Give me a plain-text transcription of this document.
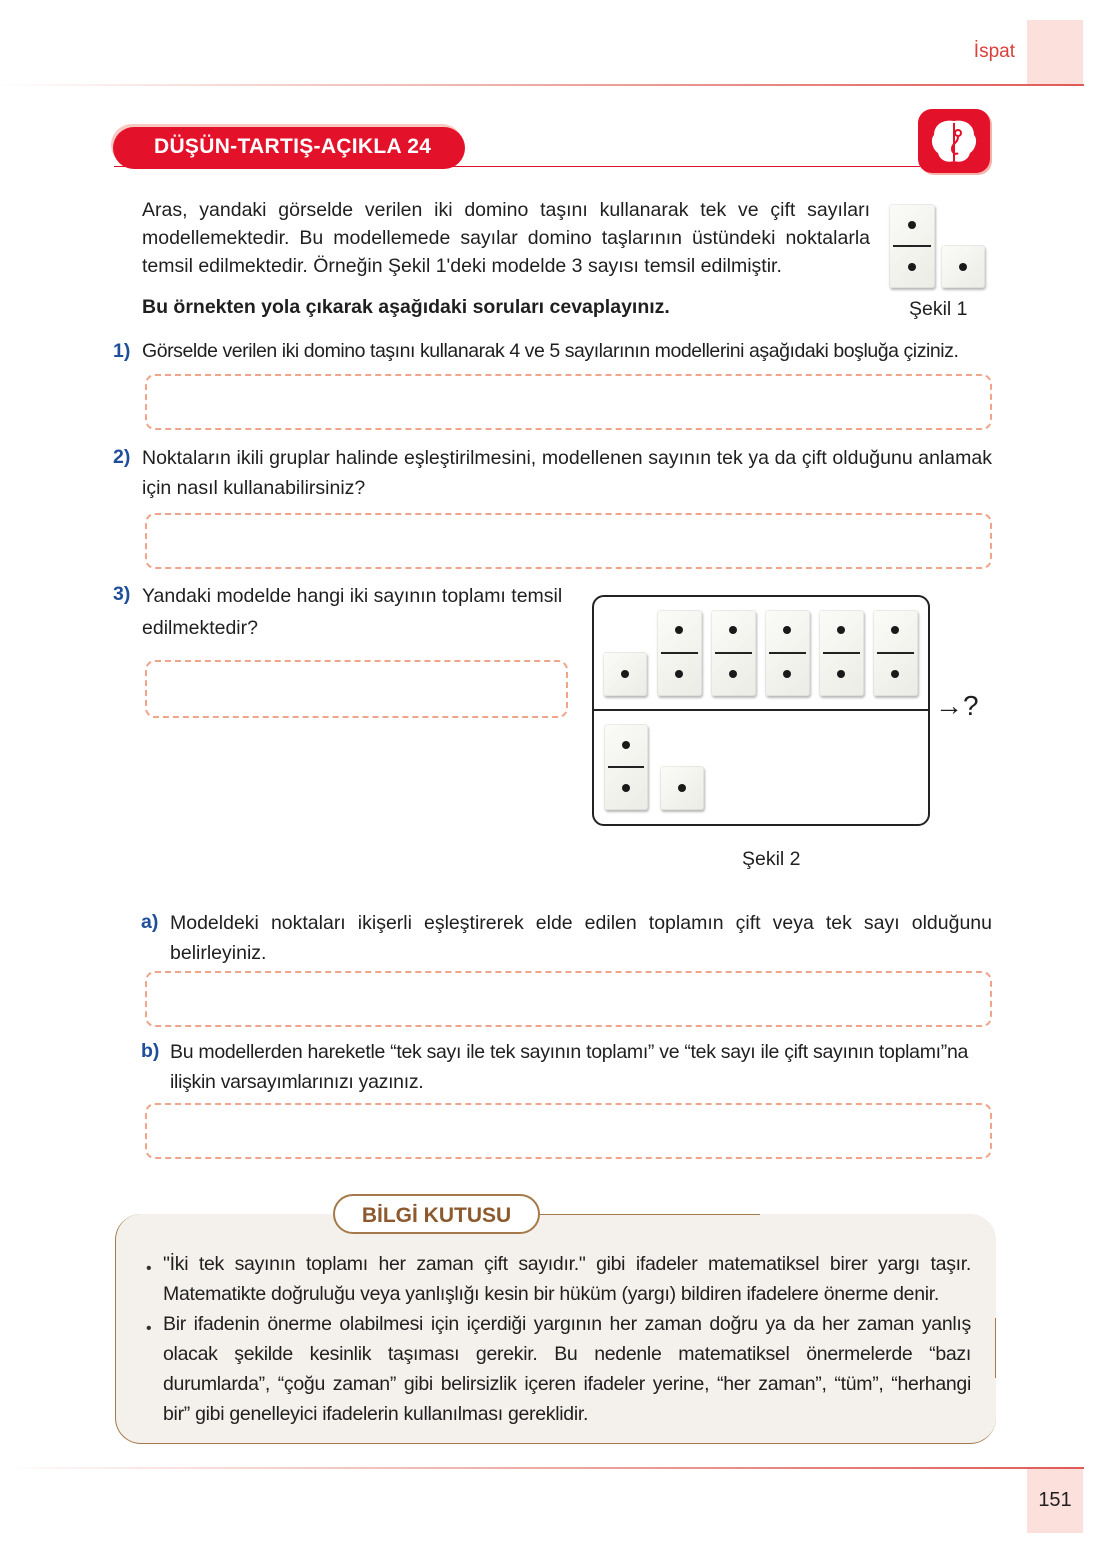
İspat
DÜŞÜN-TARTIŞ-AÇIKLA 24
Aras, yandaki görselde verilen iki domino taşını kullanarak tek ve çift sayıları modellemektedir. Bu modellemede sayılar domino taşlarının üstündeki noktalarla temsil edilmektedir. Örneğin Şekil 1'deki modelde 3 sayısı temsil edilmiştir.
Bu örnekten yola çıkarak aşağıdaki soruları cevaplayınız.	Şekil 1
1) Görselde verilen iki domino taşını kullanarak 4 ve 5 sayılarının modellerini aşağıdaki boşluğa çiziniz.
2) Noktaların ikili gruplar halinde eşleştirilmesini, modellenen sayının tek ya da çift olduğunu anlamak için nasıl kullanabilirsiniz?
3) Yandaki modelde hangi iki sayının toplamı temsil edilmektedir?
→?
Şekil 2
a) Modeldeki noktaları ikişerli eşleştirerek elde edilen toplamın çift veya tek sayı olduğunu belirleyiniz.
b) Bu modellerden hareketle “tek sayı ile tek sayının toplamı” ve “tek sayı ile çift sayının toplamı”na ilişkin varsayımlarınızı yazınız.
BİLGİ KUTUSU
• "İki tek sayının toplamı her zaman çift sayıdır." gibi ifadeler matematiksel birer yargı taşır. Matematikte doğruluğu veya yanlışlığı kesin bir hüküm (yargı) bildiren ifadelere önerme denir.
• Bir ifadenin önerme olabilmesi için içerdiği yargının her zaman doğru ya da her zaman yanlış olacak şekilde kesinlik taşıması gerekir. Bu nedenle matematiksel önermelerde “bazı durumlarda”, “çoğu zaman” gibi belirsizlik içeren ifadeler yerine, “her zaman”, “tüm”, “herhangi bir” gibi genelleyici ifadelerin kullanılması gereklidir.
151
